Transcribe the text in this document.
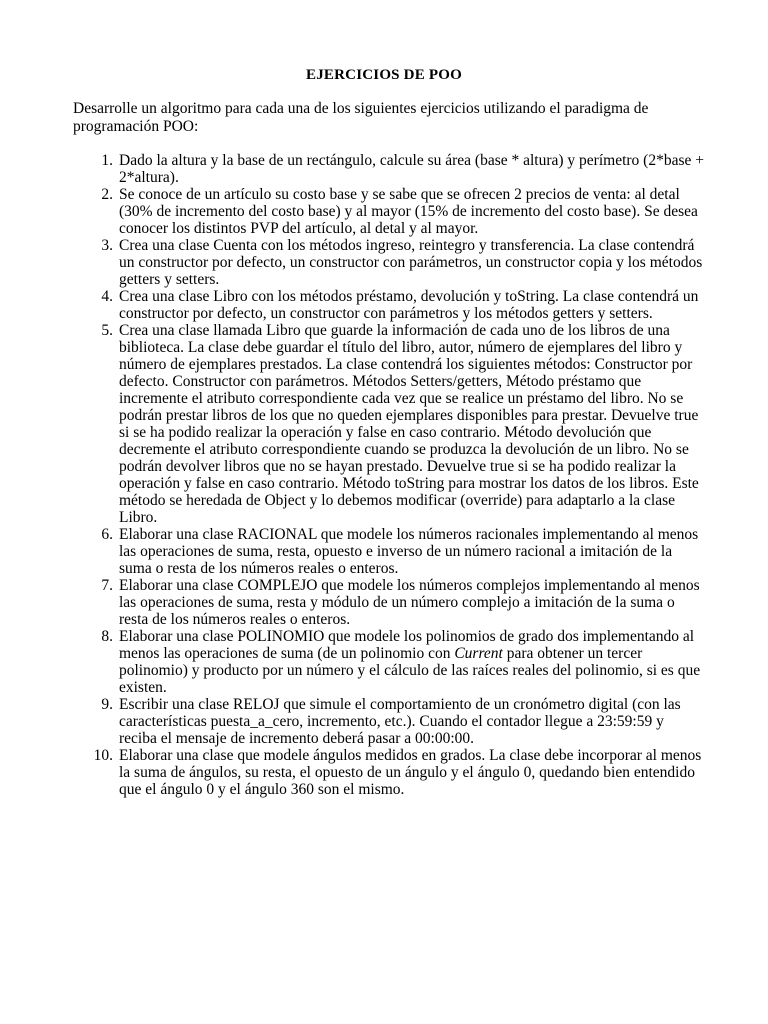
EJERCICIOS DE POO
Desarrolle un algoritmo para cada una de los siguientes ejercicios utilizando el paradigma de programación POO:
1. Dado la altura y la base de un rectángulo, calcule su área (base * altura) y perímetro (2*base + 2*altura).
2. Se conoce de un artículo su costo base y se sabe que se ofrecen 2 precios de venta: al detal (30% de incremento del costo base) y al mayor (15% de incremento del costo base). Se desea conocer los distintos PVP del artículo, al detal y al mayor.
3. Crea una clase Cuenta con los métodos ingreso, reintegro y transferencia. La clase contendrá un constructor por defecto, un constructor con parámetros, un constructor copia y los métodos getters y setters.
4. Crea una clase Libro con los métodos préstamo, devolución y toString. La clase contendrá un constructor por defecto, un constructor con parámetros y los métodos getters y setters.
5. Crea una clase llamada Libro que guarde la información de cada uno de los libros de una biblioteca. La clase debe guardar el título del libro, autor, número de ejemplares del libro y número de ejemplares prestados. La clase contendrá los siguientes métodos: Constructor por defecto. Constructor con parámetros. Métodos Setters/getters, Método préstamo que incremente el atributo correspondiente cada vez que se realice un préstamo del libro. No se podrán prestar libros de los que no queden ejemplares disponibles para prestar. Devuelve true si se ha podido realizar la operación y false en caso contrario. Método devolución que decremente el atributo correspondiente cuando se produzca la devolución de un libro. No se podrán devolver libros que no se hayan prestado. Devuelve true si se ha podido realizar la operación y false en caso contrario. Método toString para mostrar los datos de los libros. Este método se heredada de Object y lo debemos modificar (override) para adaptarlo a la clase Libro.
6. Elaborar una clase RACIONAL que modele los números racionales implementando al menos las operaciones de suma, resta, opuesto e inverso de un número racional a imitación de la suma o resta de los números reales o enteros.
7. Elaborar una clase COMPLEJO que modele los números complejos implementando al menos las operaciones de suma, resta y módulo de un número complejo a imitación de la suma o resta de los números reales o enteros.
8. Elaborar una clase POLINOMIO que modele los polinomios de grado dos implementando al menos las operaciones de suma (de un polinomio con Current para obtener un tercer polinomio) y producto por un número y el cálculo de las raíces reales del polinomio, si es que existen.
9. Escribir una clase RELOJ que simule el comportamiento de un cronómetro digital (con las características puesta_a_cero, incremento, etc.). Cuando el contador llegue a 23:59:59 y reciba el mensaje de incremento deberá pasar a 00:00:00.
10. Elaborar una clase que modele ángulos medidos en grados. La clase debe incorporar al menos la suma de ángulos, su resta, el opuesto de un ángulo y el ángulo 0, quedando bien entendido que el ángulo 0 y el ángulo 360 son el mismo.
